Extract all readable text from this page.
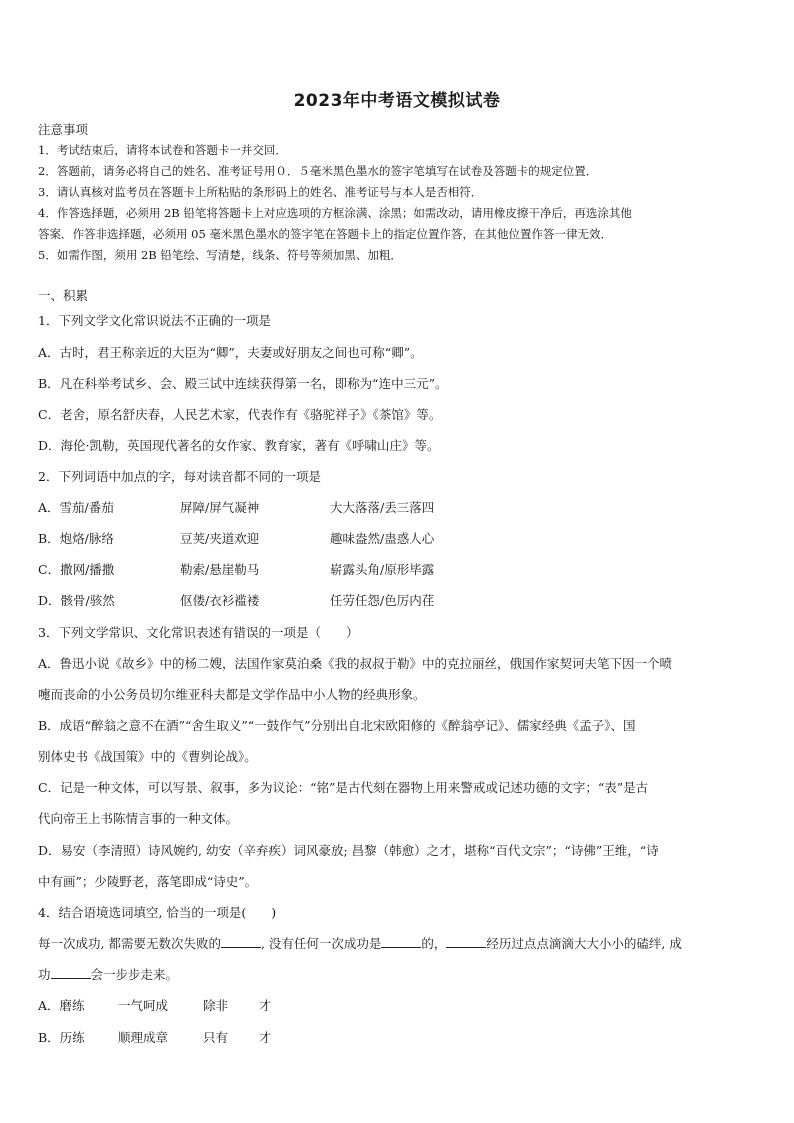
2023年中考语文模拟试卷
注意事项
1．考试结束后，请将本试卷和答题卡一并交回．
2．答题前，请务必将自己的姓名、准考证号用０．５毫米黑色墨水的签字笔填写在试卷及答题卡的规定位置．
3．请认真核对监考员在答题卡上所粘贴的条形码上的姓名、准考证号与本人是否相符．
4．作答选择题，必须用 2B 铅笔将答题卡上对应选项的方框涂满、涂黑；如需改动，请用橡皮擦干净后，再选涂其他
答案．作答非选择题，必须用 05 毫米黑色墨水的签字笔在答题卡上的指定位置作答，在其他位置作答一律无效．
5．如需作图，须用 2B 铅笔绘、写清楚，线条、符号等须加黑、加粗．
一、积累
1．下列文学文化常识说法不正确的一项是
A．古时，君王称亲近的大臣为“卿”，夫妻或好朋友之间也可称“卿”。
B．凡在科举考试乡、会、殿三试中连续获得第一名，即称为“连中三元”。
C．老舍，原名舒庆春，人民艺术家，代表作有《骆驼祥子》《茶馆》等。
D．海伦·凯勒，英国现代著名的女作家、教育家，著有《呼啸山庄》等。
2．下列词语中加点的字，每对读音都不同的一项是
A．雪茄/番茄	屏障/屏气凝神	大大落落/丢三落四
B．炮烙/脉络	豆荚/夹道欢迎	趣味盎然/蛊惑人心
C．撒网/播撒	勒索/悬崖勒马	崭露头角/原形毕露
D．骸骨/骇然	伛偻/衣衫褴褛	任劳任怨/色厉内荏
3．下列文学常识、文化常识表述有错误的一项是（　　）
A．鲁迅小说《故乡》中的杨二嫂，法国作家莫泊桑《我的叔叔于勒》中的克拉丽丝，俄国作家契诃夫笔下因一个喷
嚏而丧命的小公务员切尔维亚科夫都是文学作品中小人物的经典形象。
B．成语“醉翁之意不在酒”“舍生取义”“一鼓作气”分别出自北宋欧阳修的《醉翁亭记》、儒家经典《孟子》、国
别体史书《战国策》中的《曹刿论战》。
C．记是一种文体，可以写景、叙事，多为议论：“铭”是古代刻在器物上用来警戒或记述功德的文字；“表”是古
代向帝王上书陈情言事的一种文体。
D．易安（李清照）诗风婉约, 幼安（辛弃疾）词风豪放; 昌黎（韩愈）之才，堪称“百代文宗”；“诗佛”王维，“诗
中有画”；少陵野老，落笔即成“诗史”。
4．结合语境选词填空, 恰当的一项是(　　)
每一次成功, 都需要无数次失败的	, 没有任何一次成功是	的，	经历过点点滴滴大大小小的磕绊, 成
功	会一步步走来。
A．磨练	一气呵成	除非 才
B．历练	顺理成章	只有 才
